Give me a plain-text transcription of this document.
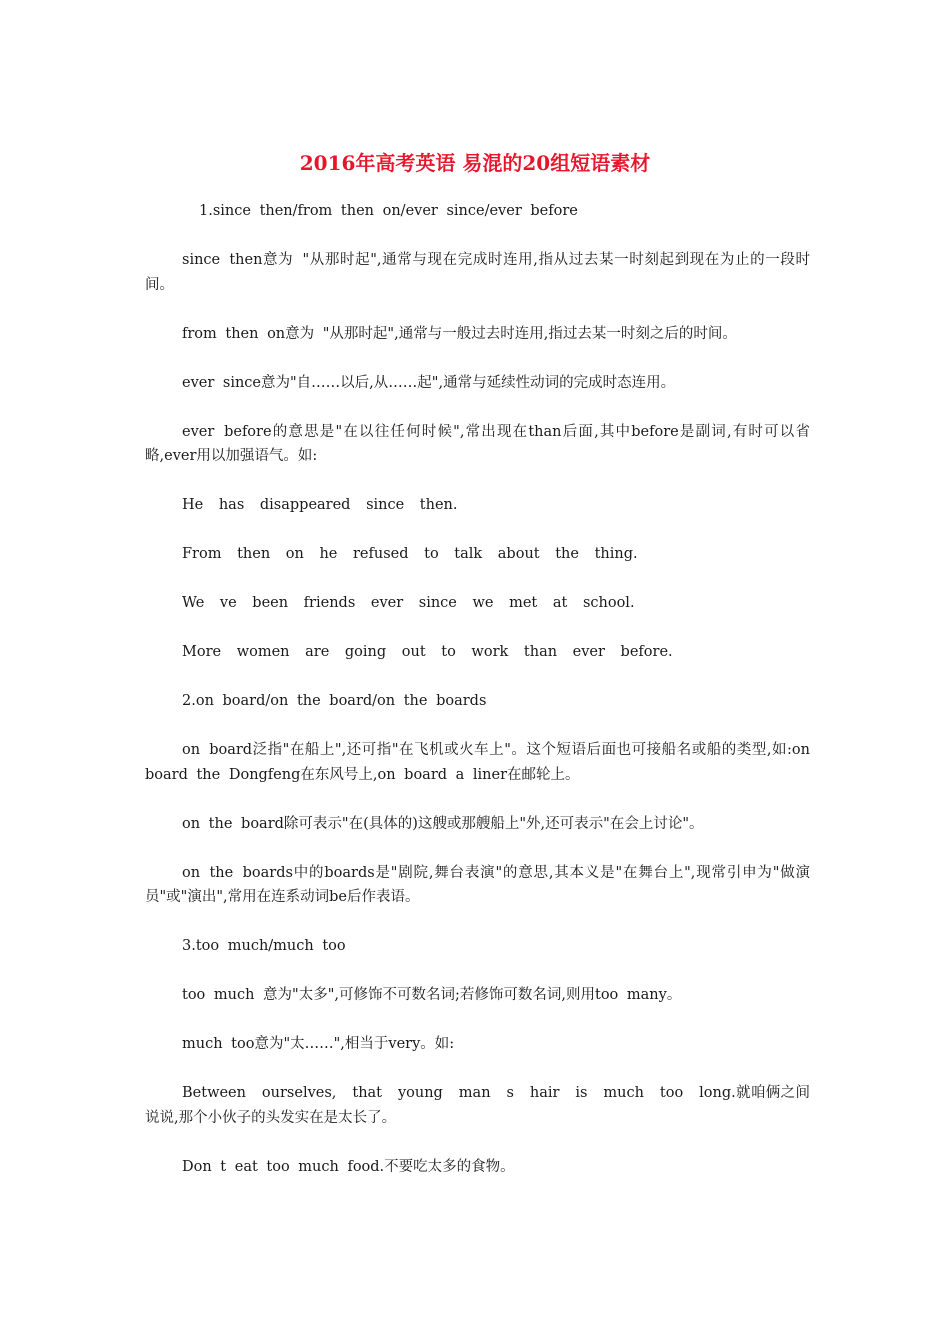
2016年高考英语 易混的20组短语素材

1.since then/from then on/ever since/ever before

since then意为 "从那时起",通常与现在完成时连用,指从过去某一时刻起到现在为止的一段时间。

from then on意为 "从那时起",通常与一般过去时连用,指过去某一时刻之后的时间。

ever since意为"自……以后,从……起",通常与延续性动词的完成时态连用。

ever before的意思是"在以往任何时候",常出现在than后面,其中before是副词,有时可以省略,ever用以加强语气。如:

He has disappeared since then.

From then on he refused to talk about the thing.

We ve been friends ever since we met at school.

More women are going out to work than ever before.

2.on board/on the board/on the boards

on board泛指"在船上",还可指"在飞机或火车上"。这个短语后面也可接船名或船的类型,如:on board the Dongfeng在东风号上,on board a liner在邮轮上。

on the board除可表示"在(具体的)这艘或那艘船上"外,还可表示"在会上讨论"。

on the boards中的boards是"剧院,舞台表演"的意思,其本义是"在舞台上",现常引申为"做演员"或"演出",常用在连系动词be后作表语。

3.too much/much too

too much 意为"太多",可修饰不可数名词;若修饰可数名词,则用too many。

much too意为"太……",相当于very。如:

Between ourselves, that young man s hair is much too long.就咱俩之间说说,那个小伙子的头发实在是太长了。

Don t eat too much food.不要吃太多的食物。
